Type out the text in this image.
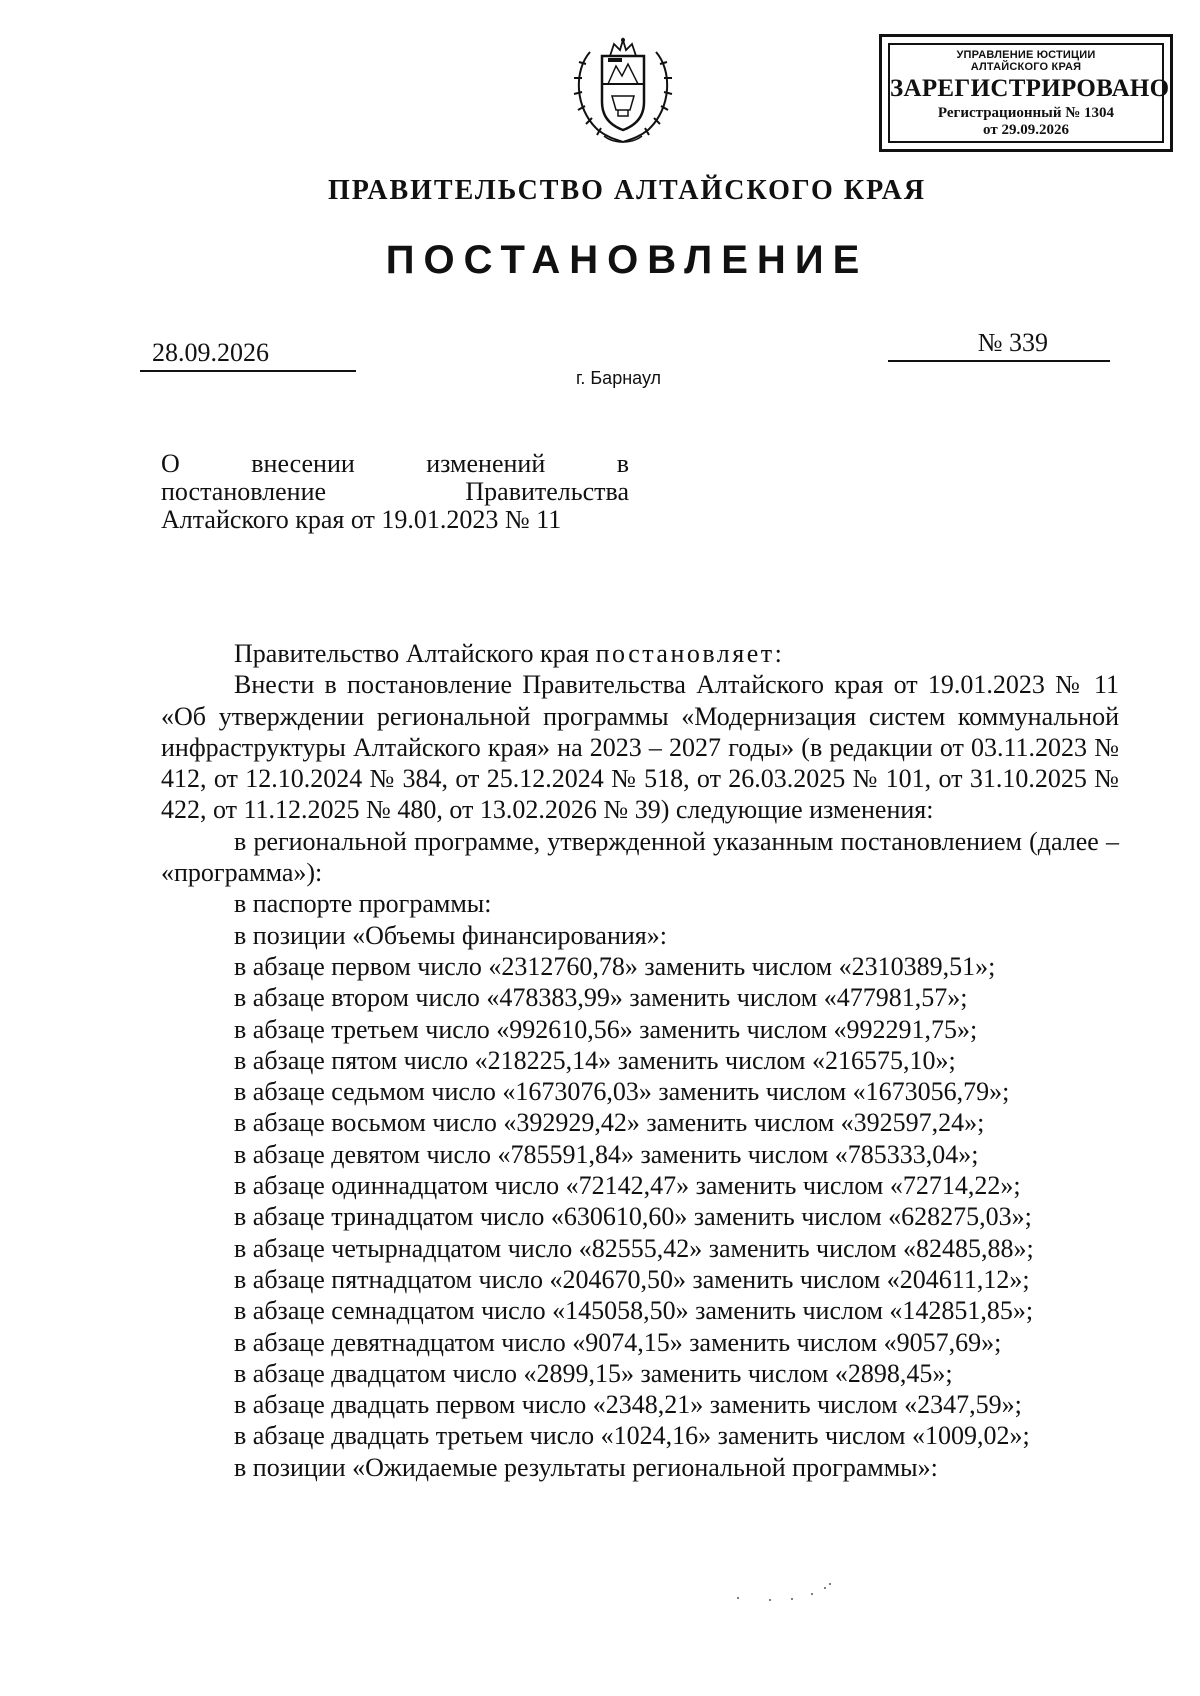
УПРАВЛЕНИЕ ЮСТИЦИИ
АЛТАЙСКОГО КРАЯ
ЗАРЕГИСТРИРОВАНО
Регистрационный № 1304
от 29.09.2026
ПРАВИТЕЛЬСТВО АЛТАЙСКОГО КРАЯ
ПОСТАНОВЛЕНИЕ
28.09.2026	№ 339
г. Барнаул
О внесении изменений в
постановление Правительства
Алтайского края от 19.01.2023 № 11

Правительство Алтайского края постановляет:

Внести в постановление Правительства Алтайского края от 19.01.2023 № 11 «Об утверждении региональной программы «Модернизация систем коммунальной инфраструктуры Алтайского края» на 2023 – 2027 годы» (в редакции от 03.11.2023 № 412, от 12.10.2024 № 384, от 25.12.2024 № 518, от 26.03.2025 № 101, от 31.10.2025 № 422, от 11.12.2025 № 480, от 13.02.2026 № 39) следующие изменения:

в региональной программе, утвержденной указанным постановлением (далее – «программа»):

в паспорте программы:

в позиции «Объемы финансирования»:

в абзаце первом число «2312760,78» заменить числом «2310389,51»;

в абзаце втором число «478383,99» заменить числом «477981,57»;

в абзаце третьем число «992610,56» заменить числом «992291,75»;

в абзаце пятом число «218225,14» заменить числом «216575,10»;

в абзаце седьмом число «1673076,03» заменить числом «1673056,79»;

в абзаце восьмом число «392929,42» заменить числом «392597,24»;

в абзаце девятом число «785591,84» заменить числом «785333,04»;

в абзаце одиннадцатом число «72142,47» заменить числом «72714,22»;

в абзаце тринадцатом число «630610,60» заменить числом «628275,03»;

в абзаце четырнадцатом число «82555,42» заменить числом «82485,88»;

в абзаце пятнадцатом число «204670,50» заменить числом «204611,12»;

в абзаце семнадцатом число «145058,50» заменить числом «142851,85»;

в абзаце девятнадцатом число «9074,15» заменить числом «9057,69»;

в абзаце двадцатом число «2899,15» заменить числом «2898,45»;

в абзаце двадцать первом число «2348,21» заменить числом «2347,59»;

в абзаце двадцать третьем число «1024,16» заменить числом «1009,02»;

в позиции «Ожидаемые результаты региональной программы»:
